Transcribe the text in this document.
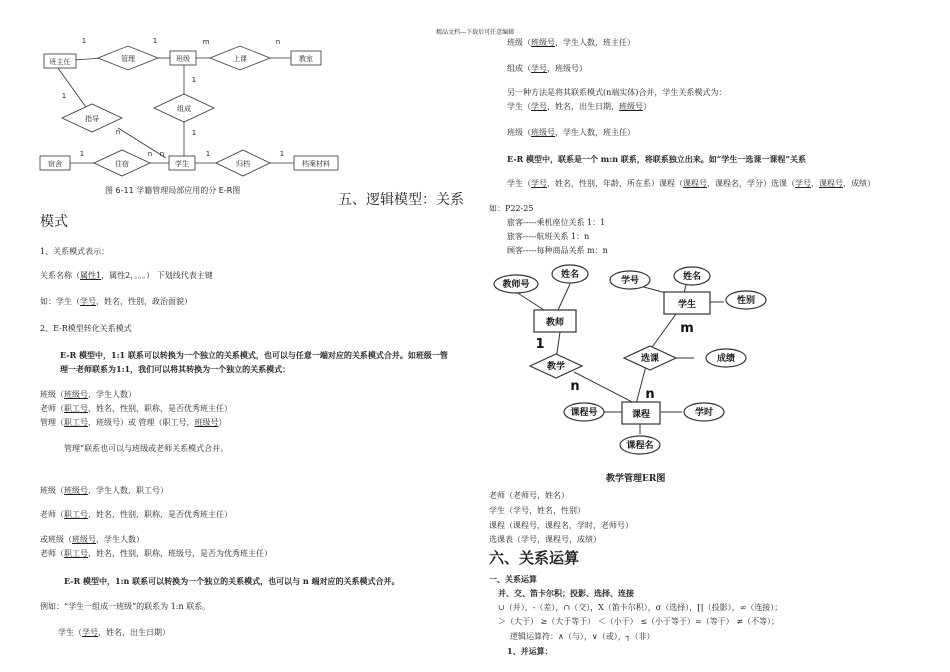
精品文档---下载后可任意编辑
班主任	班级	教室
宿舍	学生	档案材料
管理	上课
指导
组成
住宿	归档
1	1	m	n
1
1
n	1
n
1	n	1	1
图 6-11 学籍管理局部应用的分 E-R图
五、逻辑模型：关系
模式
1、关系模式表示：
关系名称（属性1，属性2，。。。） 下划线代表主键
如：学生（学号，姓名，性别，政治面貌）
2、E-R模型转化关系模式
E-R 模型中，1:1 联系可以转换为一个独立的关系模式，也可以与任意一端对应的关系模式合并。如班级一管
理一老师联系为1:1，我们可以将其转换为一个独立的关系模式：
班级（班级号，学生人数）
老师（职工号，姓名，性别，职称，是否优秀班主任）
管理（职工号，班级号）或 管理（职工号，班级号）
管理”联系也可以与班级或老师关系模式合并。
班级（班级号，学生人数，职工号）
老师（职工号，姓名，性别，职称，是否优秀班主任）
或班级（班级号，学生人数）
老师（职工号，姓名，性别，职称，班级号，是否为优秀班主任）
E-R 模型中，1:n 联系可以转换为一个独立的关系模式，也可以与 n 端对应的关系模式合并。
例如：“学生一组成一班级”的联系为 1:n 联系。
学生（学号，姓名，出生日期）
班级（班级号，学生人数，班主任）
组成（学号，班级号）
另一种方法是将其联系模式(n端实体)合并，学生关系模式为：
学生（学号，姓名，出生日期，班级号）
班级（班级号，学生人数，班主任）
E-R 模型中，联系是一个 m:n 联系，将联系独立出来。如“学生一选课一课程”关系
学生（学号，姓名，性别，年龄，所在系）课程（课程号，课程名，学分）选课（学号，课程号，成绩）
如：P22-25
旅客-----乘机座位关系 1：1
旅客-----航班关系 1：n
顾客-----每种商品关系 m：n
教师
学生
课程
教师号
姓名
学号	姓名
性别
成绩
课程号	学时
课程名
教学
选课
1
n
m
n
教学管理ER图
老师（老师号，姓名）
学生（学号，姓名，性别）
课程（课程号，课程名，学时，老师号）
选课表（学号，课程号，成绩）
六、关系运算
一、关系运算
并、交、笛卡尔积；投影、选择、连接
∪（并），-（差），∩（交），X（笛卡尔积），σ（选择），∏（投影），∞（连接）；
＞（大于） ≥（大于等于） ＜（小于） ≤（小于等于）=（等于） ≠（不等）；
逻辑运算符：∧（与），∨（或），┐（非）
1、并运算：
